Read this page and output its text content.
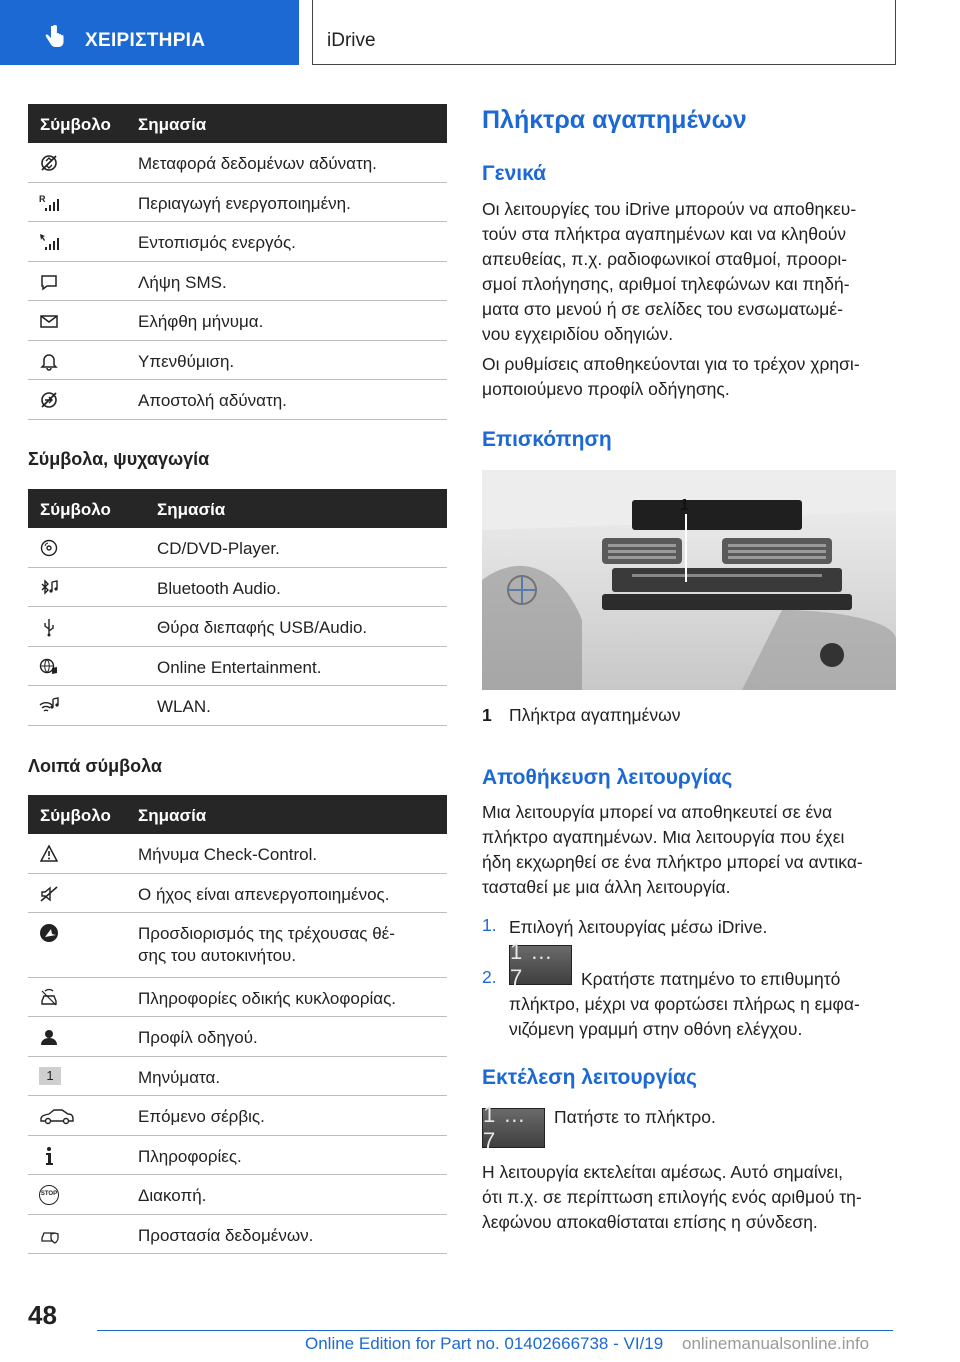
ΧΕΙΡΙΣΤΗΡΙΑ	iDrive
Σύμβολο Σημασία
Μεταφορά δεδομένων αδύνατη.
R	Περιαγωγή ενεργοποιημένη.
Εντοπισμός ενεργός.
Λήψη SMS.
Ελήφθη μήνυμα.
Υπενθύμιση.
Αποστολή αδύνατη.
Σύμβολα, ψυχαγωγία
Σύμβολο	Σημασία
CD/DVD-Player.
Bluetooth Audio.
Θύρα διεπαφής USB/Audio.
Online Entertainment.
WLAN.
Λοιπά σύμβολα
Σύμβολο Σημασία
Μήνυμα Check-Control.
Ο ήχος είναι απενεργοποιημένος.
Προσδιορισμός της τρέχουσας θέ-
σης του αυτοκινήτου.
Πληροφορίες οδικής κυκλοφορίας.
Προφίλ οδηγού.
1	Μηνύματα.
Επόμενο σέρβις.
Πληροφορίες.
STOP	Διακοπή.
Προστασία δεδομένων.
Πλήκτρα αγαπημένων
Γενικά
Οι λειτουργίες του iDrive μπορούν να αποθηκευ-
τούν στα πλήκτρα αγαπημένων και να κληθούν
απευθείας, π.χ. ραδιοφωνικοί σταθμοί, προορι-
σμοί πλοήγησης, αριθμοί τηλεφώνων και πηδή-
ματα στο μενού ή σε σελίδες του ενσωματωμέ-
νου εγχειριδίου οδηγιών.
Οι ρυθμίσεις αποθηκεύονται για το τρέχον χρησι-
μοποιούμενο προφίλ οδήγησης.
Επισκόπηση
1
1 Πλήκτρα αγαπημένων
Αποθήκευση λειτουργίας
Μια λειτουργία μπορεί να αποθηκευτεί σε ένα
πλήκτρο αγαπημένων. Μια λειτουργία που έχει
ήδη εκχωρηθεί σε ένα πλήκτρο μπορεί να αντικα-
τασταθεί με μια άλλη λειτουργία.
1. Επιλογή λειτουργίας μέσω iDrive.
2.
1 … 7	Κρατήστε πατημένο το επιθυμητό
πλήκτρο, μέχρι να φορτώσει πλήρως η εμφα-
νιζόμενη γραμμή στην οθόνη ελέγχου.
Εκτέλεση λειτουργίας
1 … 7
Πατήστε το πλήκτρο.
Η λειτουργία εκτελείται αμέσως. Αυτό σημαίνει,
ότι π.χ. σε περίπτωση επιλογής ενός αριθμού τη-
λεφώνου αποκαθίσταται επίσης η σύνδεση.
48
Online Edition for Part no. 01402666738 - VI/19 onlinemanualsonline.info
